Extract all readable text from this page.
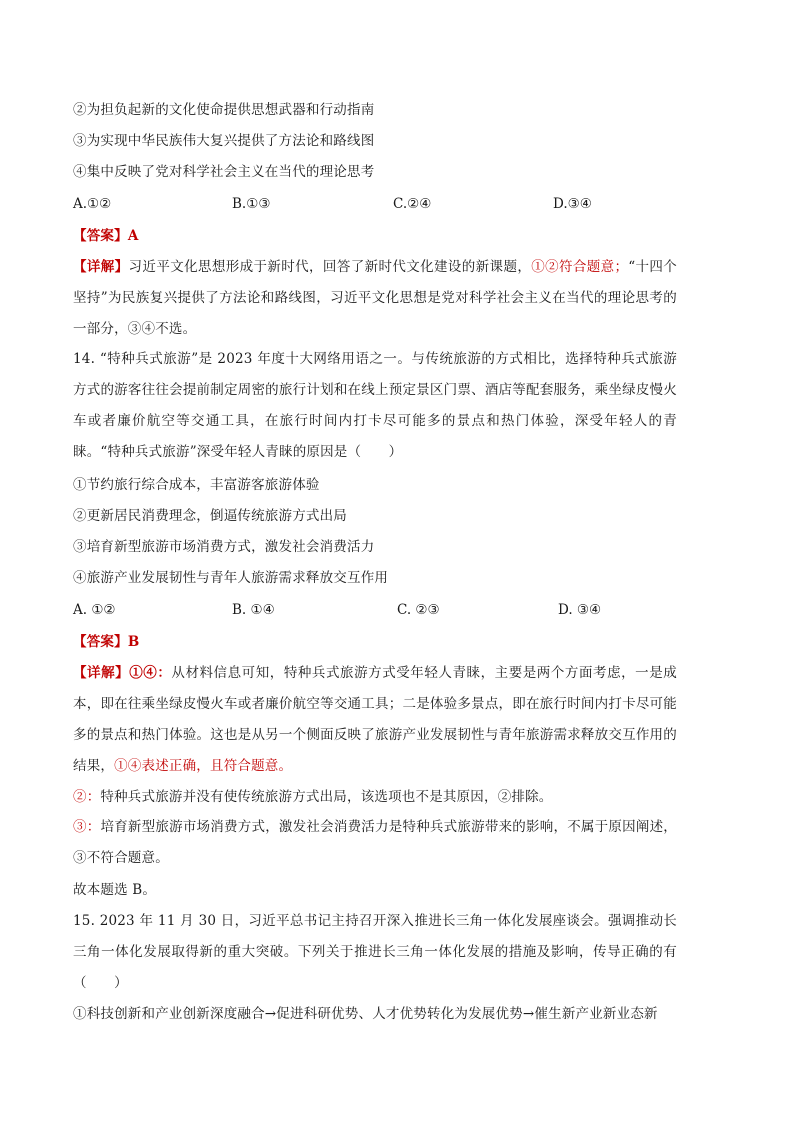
②为担负起新的文化使命提供思想武器和行动指南
③为实现中华民族伟大复兴提供了方法论和路线图
④集中反映了党对科学社会主义在当代的理论思考
A.①②	B.①③	C.②④	D.③④
【答案】A
【详解】习近平文化思想形成于新时代，回答了新时代文化建设的新课题，①②符合题意；“十四个坚持”为民族复兴提供了方法论和路线图，习近平文化思想是党对科学社会主义在当代的理论思考的一部分，③④不选。
14. “特种兵式旅游”是 2023 年度十大网络用语之一。与传统旅游的方式相比，选择特种兵式旅游方式的游客往往会提前制定周密的旅行计划和在线上预定景区门票、酒店等配套服务，乘坐绿皮慢火车或者廉价航空等交通工具，在旅行时间内打卡尽可能多的景点和热门体验，深受年轻人的青睐。“特种兵式旅游”深受年轻人青睐的原因是（　　）
①节约旅行综合成本，丰富游客旅游体验
②更新居民消费理念，倒逼传统旅游方式出局
③培育新型旅游市场消费方式，激发社会消费活力
④旅游产业发展韧性与青年人旅游需求释放交互作用
A. ①②	B. ①④	C. ②③	D. ③④
【答案】B
【详解】①④：从材料信息可知，特种兵式旅游方式受年轻人青睐，主要是两个方面考虑，一是成本，即在往乘坐绿皮慢火车或者廉价航空等交通工具；二是体验多景点，即在旅行时间内打卡尽可能多的景点和热门体验。这也是从另一个侧面反映了旅游产业发展韧性与青年旅游需求释放交互作用的结果，①④表述正确，且符合题意。
②：特种兵式旅游并没有使传统旅游方式出局，该选项也不是其原因，②排除。
③：培育新型旅游市场消费方式，激发社会消费活力是特种兵式旅游带来的影响，不属于原因阐述，③不符合题意。
故本题选 B。
15. 2023 年 11 月 30 日，习近平总书记主持召开深入推进长三角一体化发展座谈会。强调推动长三角一体化发展取得新的重大突破。下列关于推进长三角一体化发展的措施及影响，传导正确的有（　　）
①科技创新和产业创新深度融合→促进科研优势、人才优势转化为发展优势→催生新产业新业态新
